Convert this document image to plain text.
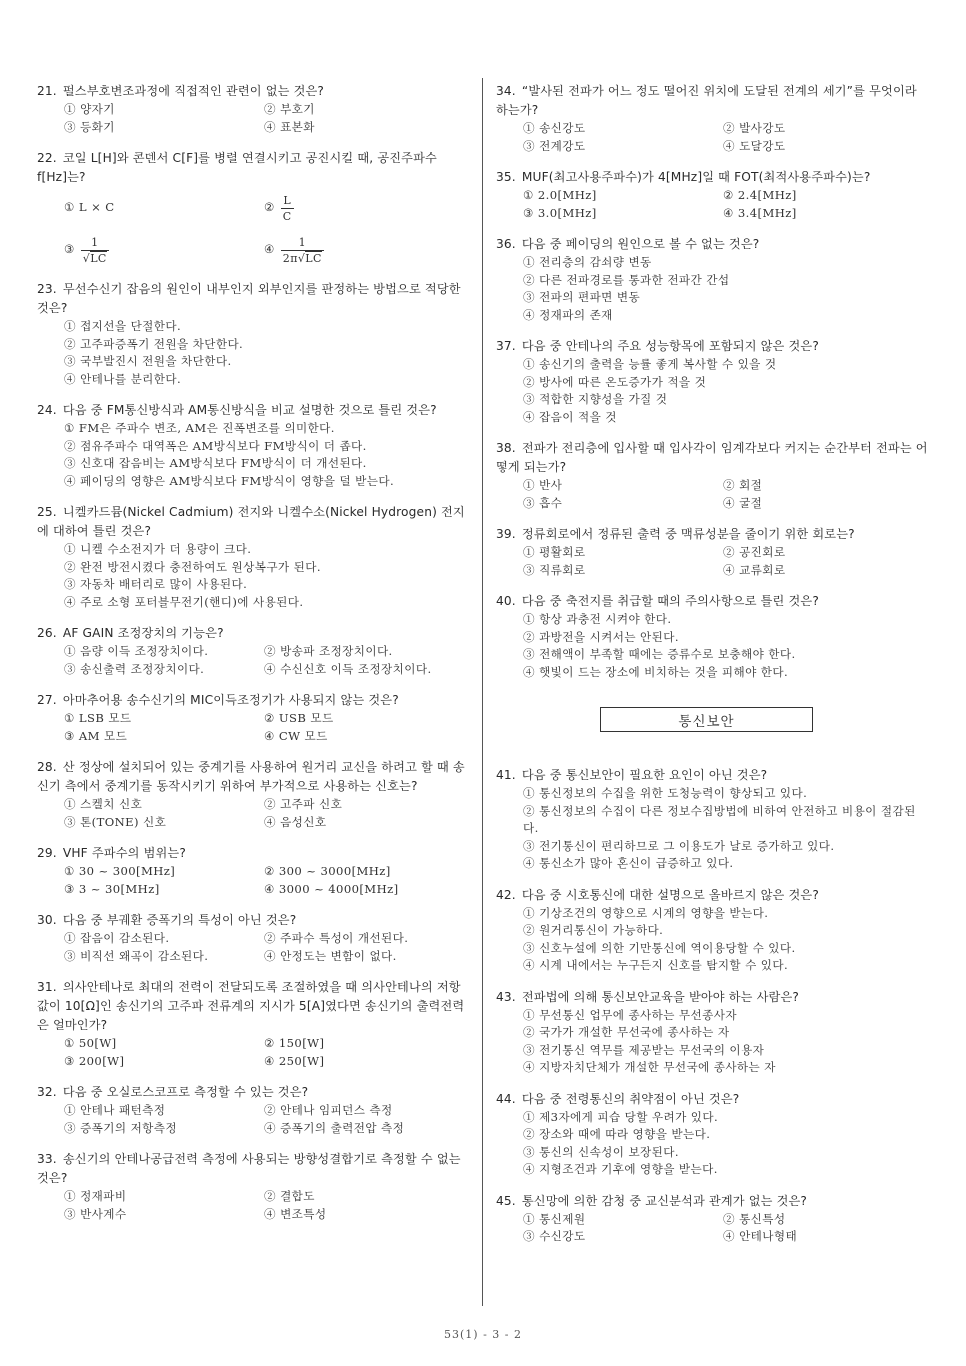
21. 펄스부호변조과정에 직접적인 관련이 없는 것은?
① 양자기	② 부호기
③ 등화기	④ 표본화
22. 코일 L[H]와 콘덴서 C[F]를 병렬 연결시키고 공진시킬 때, 공진주파수 f[Hz]는?
① L × C	② $\frac{L}{C}$
③ $\frac{1}{√LC}$	④ $\frac{1}{2\pi√LC}$
23. 무선수신기 잡음의 원인이 내부인지 외부인지를 판정하는 방법으로 적당한 것은?
① 접지선을 단절한다.
② 고주파증폭기 전원을 차단한다.
③ 국부발진시 전원을 차단한다.
④ 안테나를 분리한다.
24. 다음 중 FM통신방식과 AM통신방식을 비교 설명한 것으로 틀린 것은?
① FM은 주파수 변조, AM은 진폭변조를 의미한다.
② 점유주파수 대역폭은 AM방식보다 FM방식이 더 좁다.
③ 신호대 잡음비는 AM방식보다 FM방식이 더 개선된다.
④ 페이딩의 영향은 AM방식보다 FM방식이 영향을 덜 받는다.
25. 니켈카드뮴(Nickel Cadmium) 전지와 니켈수소(Nickel Hydrogen) 전지에 대하여 틀린 것은?
① 니켈 수소전지가 더 용량이 크다.
② 완전 방전시켰다 충전하여도 원상복구가 된다.
③ 자동차 배터리로 많이 사용된다.
④ 주로 소형 포터블무전기(핸디)에 사용된다.
26. AF GAIN 조정장치의 기능은?
① 음량 이득 조정장치이다.	② 방송파 조정장치이다.
③ 송신출력 조정장치이다.	④ 수신신호 이득 조정장치이다.
27. 아마추어용 송수신기의 MIC이득조정기가 사용되지 않는 것은?
① LSB 모드	② USB 모드
③ AM 모드	④ CW 모드
28. 산 정상에 설치되어 있는 중계기를 사용하여 원거리 교신을 하려고 할 때 송신기 측에서 중계기를 동작시키기 위하여 부가적으로 사용하는 신호는?
① 스켈치 신호	② 고주파 신호
③ 톤(TONE) 신호	④ 음성신호
29. VHF 주파수의 범위는?
① 30 ~ 300[MHz]	② 300 ~ 3000[MHz]
③ 3 ~ 30[MHz]	④ 3000 ~ 4000[MHz]
30. 다음 중 부궤환 증폭기의 특성이 아닌 것은?
① 잡음이 감소된다.	② 주파수 특성이 개선된다.
③ 비직선 왜곡이 감소된다.	④ 안정도는 변함이 없다.
31. 의사안테나로 최대의 전력이 전달되도록 조절하였을 때 의사안테나의 저항 값이 10[Ω]인 송신기의 고주파 전류계의 지시가 5[A]였다면 송신기의 출력전력은 얼마인가?
① 50[W]	② 150[W]
③ 200[W]	④ 250[W]
32. 다음 중 오실로스코프로 측정할 수 있는 것은?
① 안테나 패턴측정	② 안테나 임피던스 측정
③ 증폭기의 저항측정	④ 증폭기의 출력전압 측정
33. 송신기의 안테나공급전력 측정에 사용되는 방향성결합기로 측정할 수 없는 것은?
① 정재파비	② 결합도
③ 반사계수	④ 변조특성
34. “발사된 전파가 어느 정도 떨어진 위치에 도달된 전계의 세기”를 무엇이라 하는가?
① 송신강도	② 발사강도
③ 전계강도	④ 도달강도
35. MUF(최고사용주파수)가 4[MHz]일 때 FOT(최적사용주파수)는?
① 2.0[MHz]	② 2.4[MHz]
③ 3.0[MHz]	④ 3.4[MHz]
36. 다음 중 페이딩의 원인으로 볼 수 없는 것은?
① 전리층의 감쇠량 변동
② 다른 전파경로를 통과한 전파간 간섭
③ 전파의 편파면 변동
④ 정재파의 존재
37. 다음 중 안테나의 주요 성능항목에 포함되지 않은 것은?
① 송신기의 출력을 능률 좋게 복사할 수 있을 것
② 방사에 따른 온도증가가 적을 것
③ 적합한 지향성을 가질 것
④ 잡음이 적을 것
38. 전파가 전리층에 입사할 때 입사각이 임계각보다 커지는 순간부터 전파는 어떻게 되는가?
① 반사	② 회절
③ 흡수	④ 굴절
39. 정류회로에서 정류된 출력 중 맥류성분을 줄이기 위한 회로는?
① 평활회로	② 공진회로
③ 직류회로	④ 교류회로
40. 다음 중 축전지를 취급할 때의 주의사항으로 틀린 것은?
① 항상 과충전 시켜야 한다.
② 과방전을 시켜서는 안된다.
③ 전해액이 부족할 때에는 증류수로 보충해야 한다.
④ 햇빛이 드는 장소에 비치하는 것을 피해야 한다.
통신보안
41. 다음 중 통신보안이 필요한 요인이 아닌 것은?
① 통신정보의 수집을 위한 도청능력이 향상되고 있다.
② 통신정보의 수집이 다른 정보수집방법에 비하여 안전하고 비용이 절감된다.
③ 전기통신이 편리하므로 그 이용도가 날로 증가하고 있다.
④ 통신소가 많아 혼신이 급증하고 있다.
42. 다음 중 시호통신에 대한 설명으로 올바르지 않은 것은?
① 기상조건의 영향으로 시계의 영향을 받는다.
② 원거리통신이 가능하다.
③ 신호누설에 의한 기만통신에 역이용당할 수 있다.
④ 시계 내에서는 누구든지 신호를 탐지할 수 있다.
43. 전파법에 의해 통신보안교육을 받아야 하는 사람은?
① 무선통신 업무에 종사하는 무선종사자
② 국가가 개설한 무선국에 종사하는 자
③ 전기통신 역무를 제공받는 무선국의 이용자
④ 지방자치단체가 개설한 무선국에 종사하는 자
44. 다음 중 전령통신의 취약점이 아닌 것은?
① 제3자에게 피습 당할 우려가 있다.
② 장소와 때에 따라 영향을 받는다.
③ 통신의 신속성이 보장된다.
④ 지형조건과 기후에 영향을 받는다.
45. 통신망에 의한 감청 중 교신분석과 관계가 없는 것은?
① 통신제원	② 통신특성
③ 수신강도	④ 안테나형태
53(1) - 3 - 2
